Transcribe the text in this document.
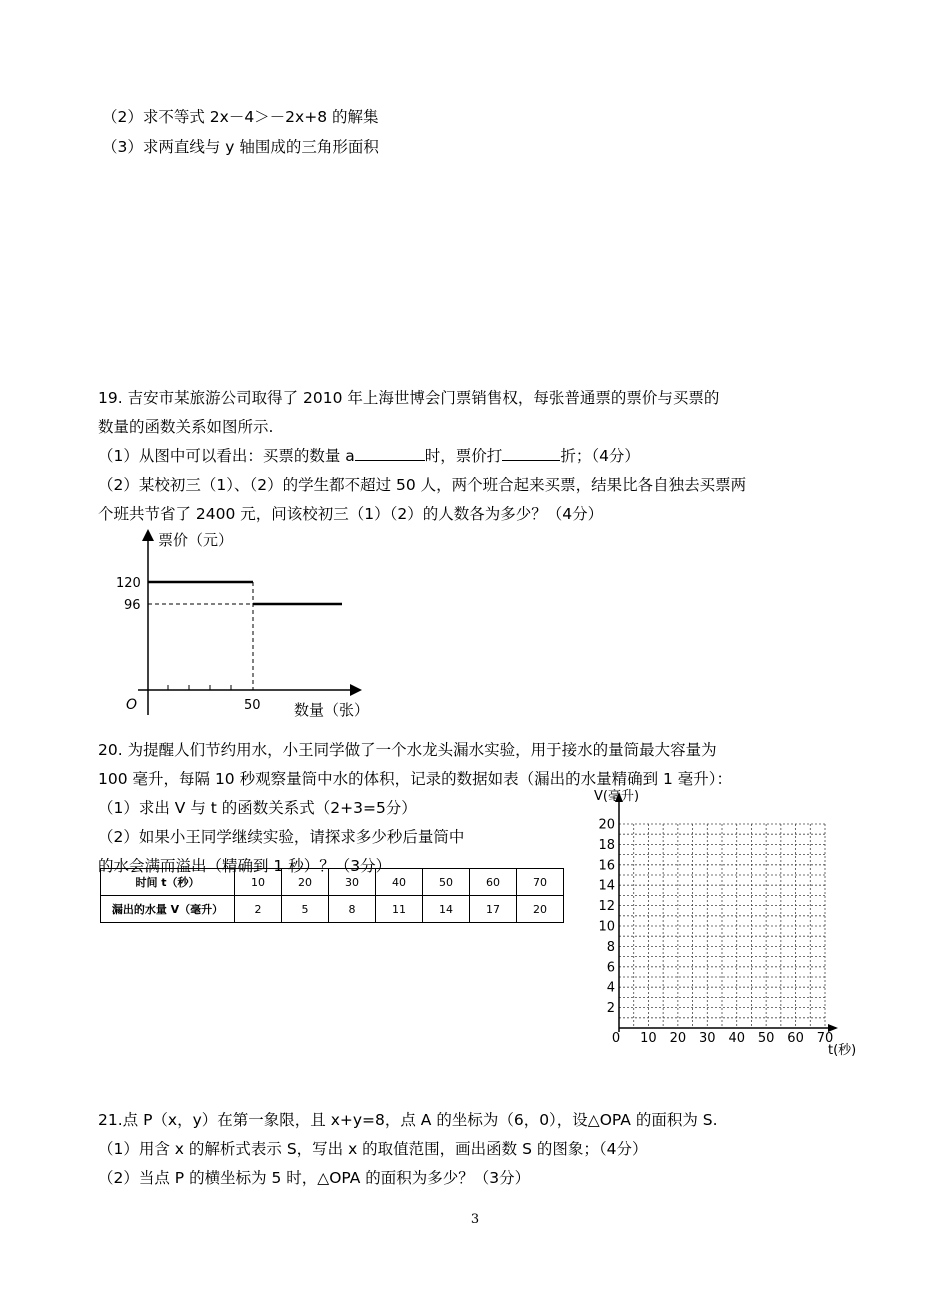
（2）求不等式 2x－4＞－2x+8 的解集
（3）求两直线与 y 轴围成的三角形面积
19. 吉安市某旅游公司取得了 2010 年上海世博会门票销售权，每张普通票的票价与买票的
数量的函数关系如图所示.
（1）从图中可以看出：买票的数量 a	时，票价打	折；（4分）
（2）某校初三（1）、（2）的学生都不超过 50 人，两个班合起来买票，结果比各自独去买票两
个班共节省了 2400 元，问该校初三（1）（2）的人数各为多少？（4分）
120
96
O	50
票价（元）
数量（张）
20. 为提醒人们节约用水，小王同学做了一个水龙头漏水实验，用于接水的量筒最大容量为
100 毫升，每隔 10 秒观察量筒中水的体积，记录的数据如表（漏出的水量精确到 1 毫升）：
（1）求出 V 与 t 的函数关系式（2+3=5分）
（2）如果小王同学继续实验，请探求多少秒后量筒中
的水会满而溢出（精确到 1 秒）？（3分）
时间 t（秒）	10	20	30	40	50	60	70
漏出的水量 V（毫升）	2	5	8	11	14	17	20
2
4
6
8
10
12
14
16
18
20
0 10 20 30 40 50 60 70
V(毫升)
t(秒)
21.点 P（x，y）在第一象限，且 x+y=8，点 A 的坐标为（6，0），设△OPA 的面积为 S.
（1）用含 x 的解析式表示 S，写出 x 的取值范围，画出函数 S 的图象；（4分）
（2）当点 P 的横坐标为 5 时，△OPA 的面积为多少？（3分）
3
